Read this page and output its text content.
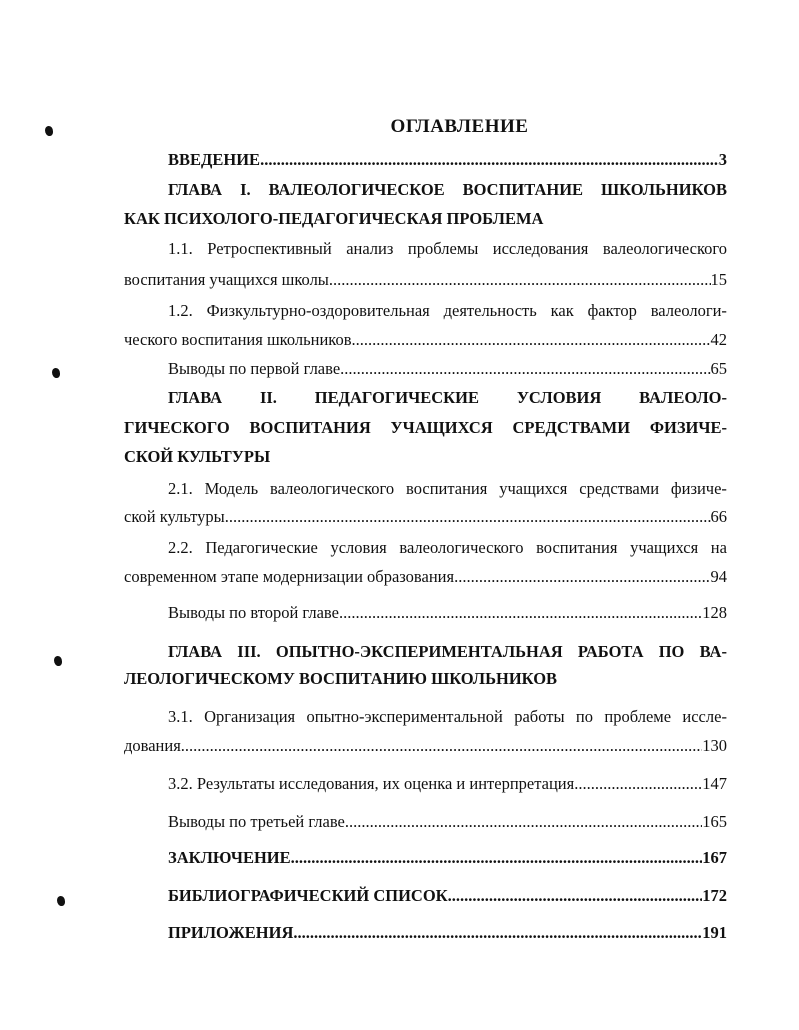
ОГЛАВЛЕНИЕ
ВВЕДЕНИЕ .....	3
ГЛАВА I. ВАЛЕОЛОГИЧЕСКОЕ ВОСПИТАНИЕ ШКОЛЬНИКОВ
КАК ПСИХОЛОГО-ПЕДАГОГИЧЕСКАЯ ПРОБЛЕМА
1.1. Ретроспективный анализ проблемы исследования валеологического
воспитания учащихся школы .....	15
1.2. Физкультурно-оздоровительная деятельность как фактор валеологи-
ческого воспитания школьников .....	42
Выводы по первой главе .....	65
ГЛАВА II. ПЕДАГОГИЧЕСКИЕ УСЛОВИЯ ВАЛЕОЛО-
ГИЧЕСКОГО ВОСПИТАНИЯ УЧАЩИХСЯ СРЕДСТВАМИ ФИЗИЧЕ-
СКОЙ КУЛЬТУРЫ
2.1. Модель валеологического воспитания учащихся средствами физиче-
ской культуры .....	66
2.2. Педагогические условия валеологического воспитания учащихся на
современном этапе модернизации образования .....	94
Выводы по второй главе .....	128
ГЛАВА III. ОПЫТНО-ЭКСПЕРИМЕНТАЛЬНАЯ РАБОТА ПО ВА-
ЛЕОЛОГИЧЕСКОМУ ВОСПИТАНИЮ ШКОЛЬНИКОВ
3.1. Организация опытно-экспериментальной работы по проблеме иссле-
дования .....	130
3.2. Результаты исследования, их оценка и интерпретация .....	147
Выводы по третьей главе .....	165
ЗАКЛЮЧЕНИЕ .....	167
БИБЛИОГРАФИЧЕСКИЙ СПИСОК .....	172
ПРИЛОЖЕНИЯ .....	191
